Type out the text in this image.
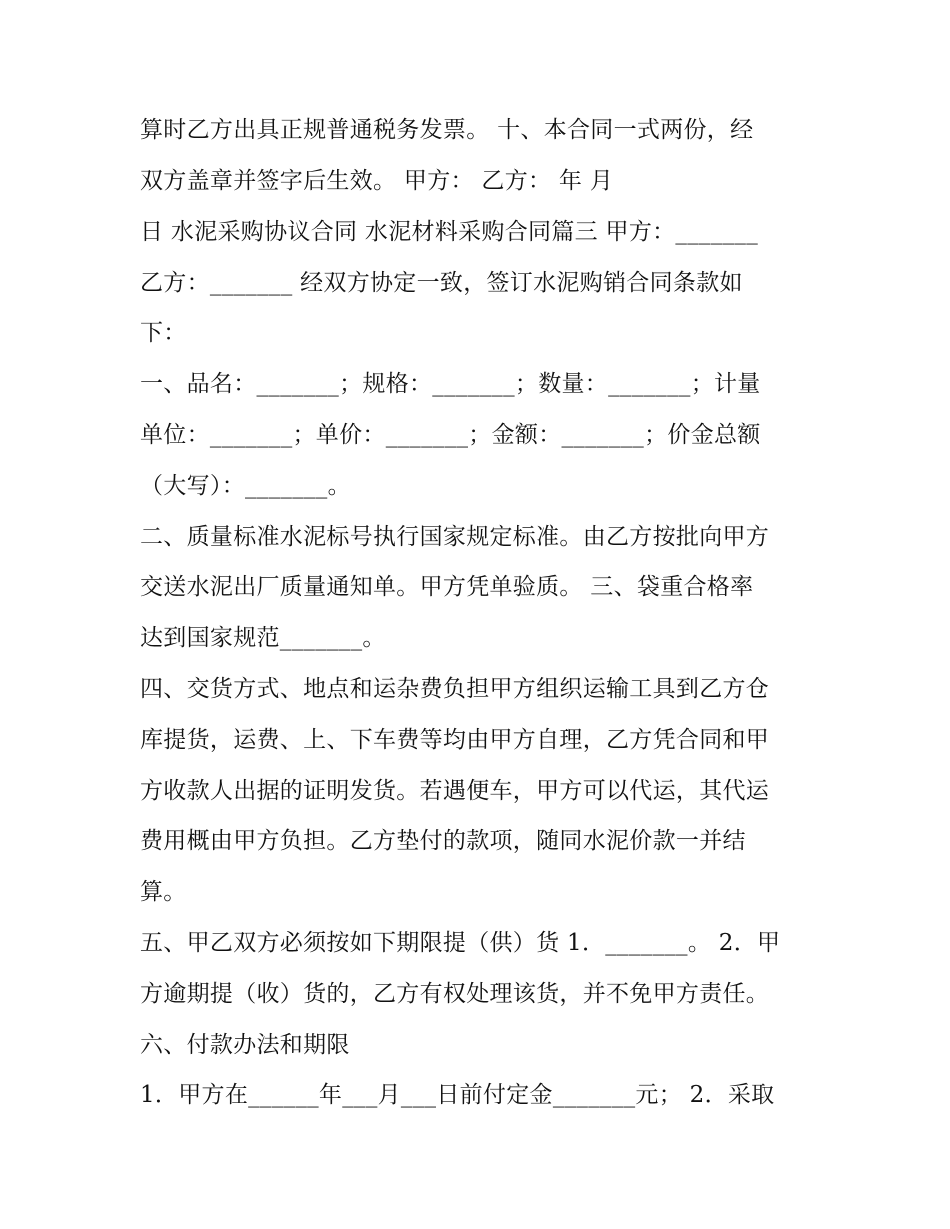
算时乙方出具正规普通税务发票。 十、本合同一式两份，经
双方盖章并签字后生效。 甲方： 乙方： 年 月
日 水泥采购协议合同 水泥材料采购合同篇三 甲方：_______
乙方：_______ 经双方协定一致，签订水泥购销合同条款如
下：
一、品名：_______；规格：_______；数量：_______；计量
单位：_______；单价：_______；金额：_______；价金总额
（大写）：_______。
二、质量标准水泥标号执行国家规定标准。由乙方按批向甲方
交送水泥出厂质量通知单。甲方凭单验质。 三、袋重合格率
达到国家规范_______。
四、交货方式、地点和运杂费负担甲方组织运输工具到乙方仓
库提货，运费、上、下车费等均由甲方自理，乙方凭合同和甲
方收款人出据的证明发货。若遇便车，甲方可以代运，其代运
费用概由甲方负担。乙方垫付的款项，随同水泥价款一并结
算。
五、甲乙双方必须按如下期限提（供）货 1．_______。 2．甲
方逾期提（收）货的，乙方有权处理该货，并不免甲方责任。
六、付款办法和期限
1．甲方在______年___月___日前付定金_______元； 2．采取
